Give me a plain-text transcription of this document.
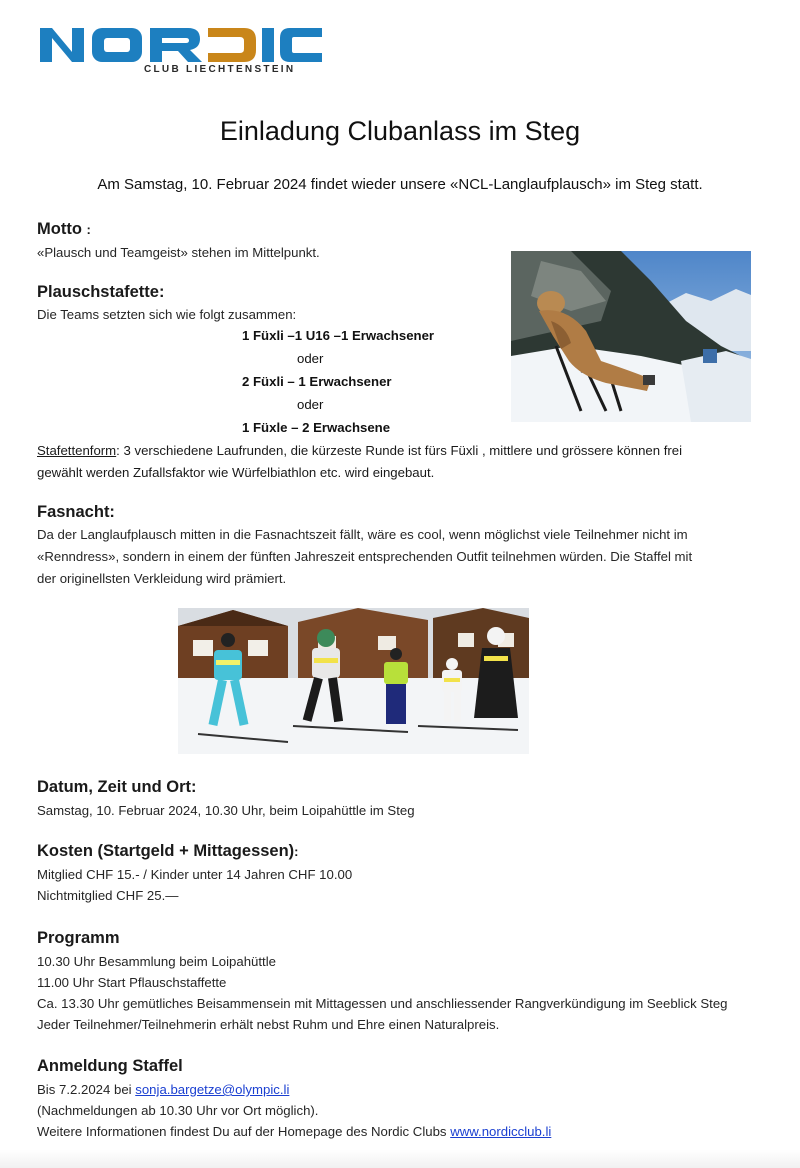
CLUB LIECHTENSTEIN
Einladung Clubanlass im Steg
Am Samstag, 10. Februar 2024 findet wieder unsere «NCL-Langlaufplausch» im Steg statt.
Motto :
«Plausch und Teamgeist» stehen im Mittelpunkt.
Plauschstafette:
Die Teams setzten sich wie folgt zusammen:
1 Füxli –1 U16 –1 Erwachsener
oder
2 Füxli – 1 Erwachsener
oder
1 Füxle – 2 Erwachsene
Stafettenform: 3 verschiedene Laufrunden, die kürzeste Runde ist fürs Füxli , mittlere und grössere können frei
gewählt werden Zufallsfaktor wie Würfelbiathlon etc. wird eingebaut.
Fasnacht:
Da der Langlaufplausch mitten in die Fasnachtszeit fällt, wäre es cool, wenn möglichst viele Teilnehmer nicht im
«Renndress», sondern in einem der fünften Jahreszeit entsprechenden Outfit teilnehmen würden. Die Staffel mit
der originellsten Verkleidung wird prämiert.
Datum, Zeit und Ort:
Samstag, 10. Februar 2024, 10.30 Uhr, beim Loipahüttle im Steg
Kosten (Startgeld + Mittagessen):
Mitglied CHF 15.- / Kinder unter 14 Jahren CHF 10.00
Nichtmitglied CHF 25.—
Programm
10.30 Uhr Besammlung beim Loipahüttle
11.00 Uhr Start Pflauschstaffette
Ca. 13.30 Uhr gemütliches Beisammensein mit Mittagessen und anschliessender Rangverkündigung im Seeblick Steg
Jeder Teilnehmer/Teilnehmerin erhält nebst Ruhm und Ehre einen Naturalpreis.
Anmeldung Staffel
Bis 7.2.2024 bei sonja.bargetze@olympic.li
(Nachmeldungen ab 10.30 Uhr vor Ort möglich).
Weitere Informationen findest Du auf der Homepage des Nordic Clubs www.nordicclub.li
